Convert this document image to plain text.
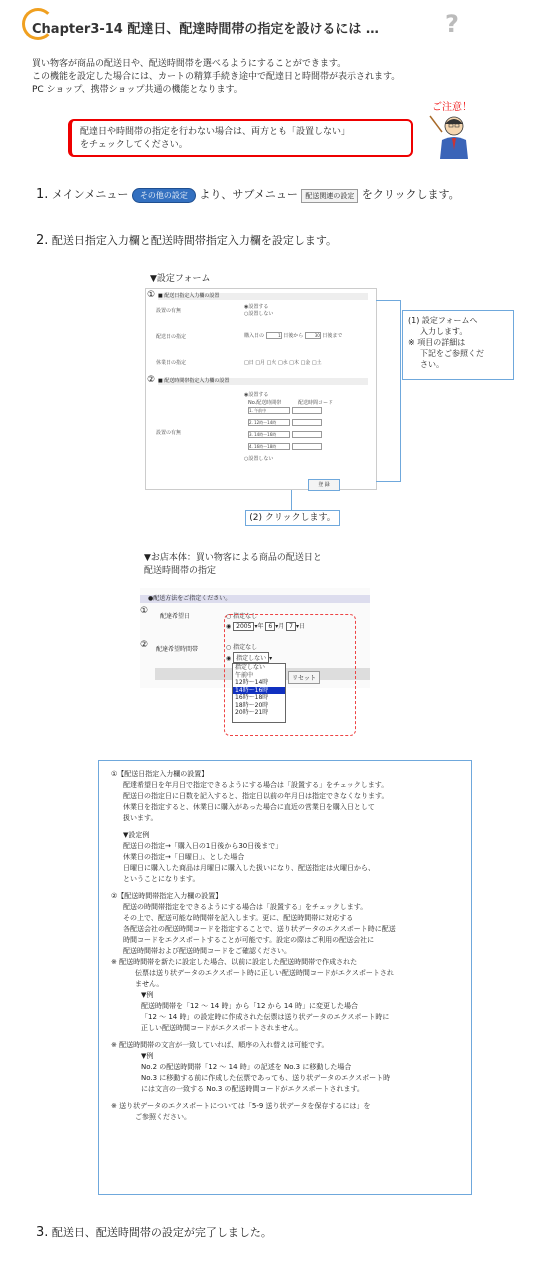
Chapter3-14 配達日、配達時間帯の指定を設けるには …	?
買い物客が商品の配送日や、配送時間帯を選べるようにすることができます。
この機能を設定した場合には、カートの精算手続き途中で配達日と時間帯が表示されます。
PC ショップ、携帯ショップ共通の機能となります。
ご注意！
配達日や時間帯の指定を行わない場合は、両方とも「設置しない」
をチェックしてください。
1. メインメニュー その他の設定 より、サブメニュー 配送関連の設定 をクリックします。
2. 配送日指定入力欄と配送時間帯指定入力欄を設定します。
▼設定フォーム
① ■ 配送日指定入力欄の設置
設置の有無
◉設置する
○設置しない
配送日の指定	購入日の	1 日後から	30 日後まで
休業日の指定	□日 □月 □火 □水 □木 □金 □土
② ■ 配送時間帯指定入力欄の設置
◉設置する
No.配送時間帯	配送時間コード
設置の有無
1. 午前中
2. 12時〜14時
3. 14時〜16時
4. 16時〜18時
○設置しない
(1) 設定フォームへ
入力します。
※ 項目の詳細は
下記をご参照くだ
さい。
登 録
(2) クリックします。
▼お店本体：買い物客による商品の配送日と
配送時間帯の指定
●配送方法をご指定ください。
①
配達希望日	○ 指定なし
◉ 2005 ▾年 6 ▾月 7 ▾日
② 配達希望時間帯	○ 指定なし
◉ 指定しない ▾
指定しない
午前中
12時〜14時
14時〜16時
16時〜18時
18時〜20時
20時〜21時
リセット

①【配送日指定入力欄の設置】

配達希望日を年月日で指定できるようにする場合は「設置する」をチェックします。

配送日の指定日に日数を記入すると、指定日以前の年月日は指定できなくなります。

休業日を指定すると、休業日に購入があった場合に直近の営業日を購入日として

扱います。

▼設定例

配送日の指定→「購入日の1日後から30日後まで」

休業日の指定→「日曜日」、とした場合

日曜日に購入した商品は月曜日に購入した扱いになり、配送指定は火曜日から、

ということになります。

②【配送時間帯指定入力欄の設置】

配送の時間帯指定をできるようにする場合は「設置する」をチェックします。

その上で、配送可能な時間帯を記入します。更に、配送時間帯に対応する

各配送会社の配送時間コードを指定することで、送り状データのエクスポート時に配送

時間コードをエクスポートすることが可能です。設定の際はご利用の配送会社に

配送時間帯および配送時間コードをご確認ください。

※ 配送時間帯を新たに設定した場合、以前に設定した配送時間帯で作成された

伝票は送り状データのエクスポート時に正しい配送時間コードがエクスポートされ

ません。

▼例

配送時間帯を「12 〜 14 時」から「12 から 14 時」に変更した場合

「12 〜 14 時」の設定時に作成された伝票は送り状データのエクスポート時に

正しい配送時間コードがエクスポートされません。

※ 配送時間帯の文言が一致していれば、順序の入れ替えは可能です。

▼例

No.2 の配送時間帯「12 〜 14 時」の記述を No.3 に移動した場合

No.3 に移動する前に作成した伝票であっても、送り状データのエクスポート時

には文言の一致する No.3 の配送時間コードがエクスポートされます。

※ 送り状データのエクスポートについては「5-9 送り状データを保存するには」を

ご参照ください。

3. 配送日、配送時間帯の設定が完了しました。
